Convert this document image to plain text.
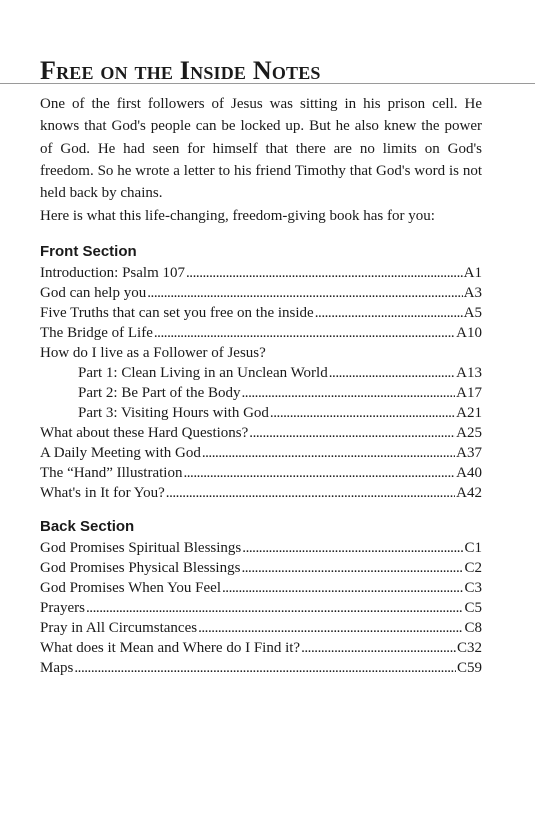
Free on the Inside Notes

One of the first followers of Jesus was sitting in his prison cell. He knows that God's people can be locked up. But he also knew the power of God. He had seen for himself that there are no limits on God's freedom. So he wrote a letter to his friend Timothy that God's word is not held back by chains.

Here is what this life-changing, freedom-giving book has for you:

Front Section
Introduction: Psalm 107 . . .	A1
God can help you . . .	A3
Five Truths that can set you free on the inside . . .	A5
The Bridge of Life . . .	A10
How do I live as a Follower of Jesus?
Part 1: Clean Living in an Unclean World . . .	A13
Part 2: Be Part of the Body . . .	A17
Part 3: Visiting Hours with God . . .	A21
What about these Hard Questions? . . .	A25
A Daily Meeting with God . . .	A37
The “Hand” Illustration . . .	A40
What's in It for You? . . .	A42
Back Section
God Promises Spiritual Blessings . . .	C1
God Promises Physical Blessings . . .	C2
God Promises When You Feel . . .	C3
Prayers . . .	C5
Pray in All Circumstances . . .	C8
What does it Mean and Where do I Find it? . . .	C32
Maps . . .	C59
